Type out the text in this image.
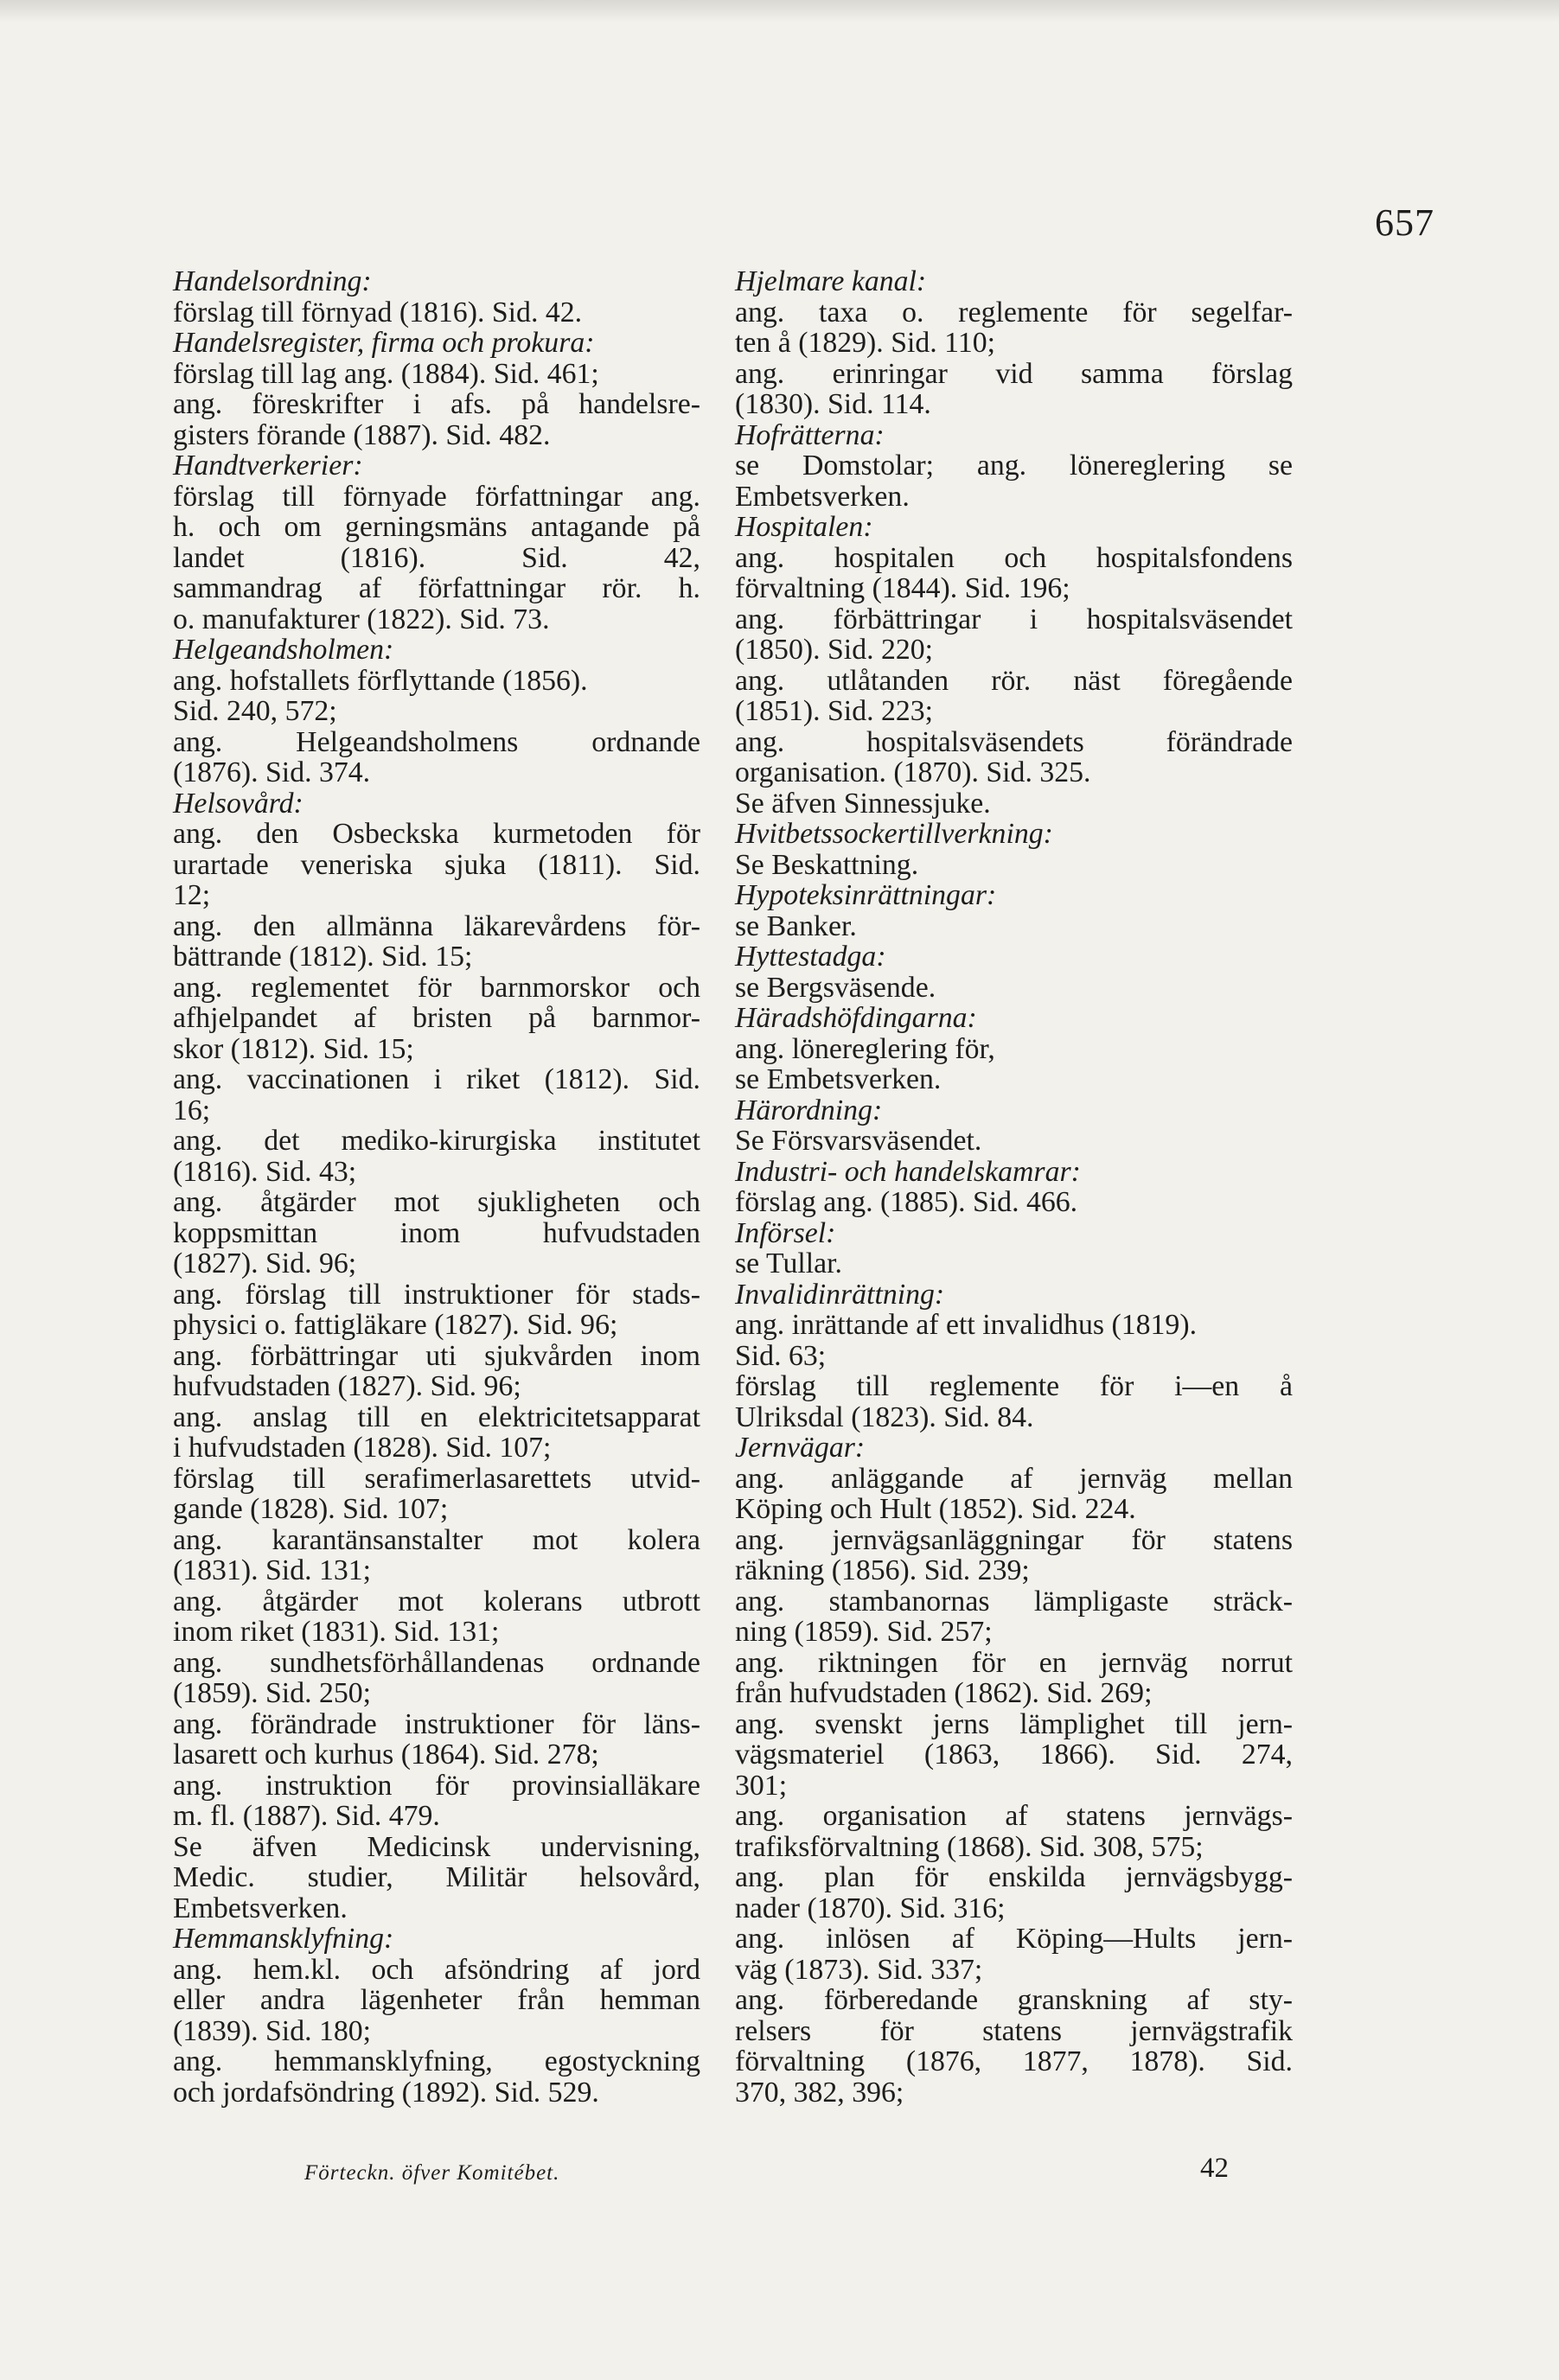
657
Handelsordning:
förslag till förnyad (1816). Sid. 42.
Handelsregister, firma och prokura:
förslag till lag ang. (1884). Sid. 461;
ang. föreskrifter i afs. på handelsre-
gisters förande (1887). Sid. 482.
Handtverkerier:
förslag till förnyade författningar ang.
h. och om gerningsmäns antagande på
landet (1816). Sid. 42,
sammandrag af författningar rör. h.
o. manufakturer (1822). Sid. 73.
Helgeandsholmen:
ang. hofstallets förflyttande (1856).
Sid. 240, 572;
ang. Helgeandsholmens ordnande
(1876). Sid. 374.
Helsovård:
ang. den Osbeckska kurmetoden för
urartade veneriska sjuka (1811). Sid.
12;
ang. den allmänna läkarevårdens för-
bättrande (1812). Sid. 15;
ang. reglementet för barnmorskor och
afhjelpandet af bristen på barnmor-
skor (1812). Sid. 15;
ang. vaccinationen i riket (1812). Sid.
16;
ang. det mediko-kirurgiska institutet
(1816). Sid. 43;
ang. åtgärder mot sjukligheten och
koppsmittan inom hufvudstaden
(1827). Sid. 96;
ang. förslag till instruktioner för stads-
physici o. fattigläkare (1827). Sid. 96;
ang. förbättringar uti sjukvården inom
hufvudstaden (1827). Sid. 96;
ang. anslag till en elektricitetsapparat
i hufvudstaden (1828). Sid. 107;
förslag till serafimerlasarettets utvid-
gande (1828). Sid. 107;
ang. karantänsanstalter mot kolera
(1831). Sid. 131;
ang. åtgärder mot kolerans utbrott
inom riket (1831). Sid. 131;
ang. sundhetsförhållandenas ordnande
(1859). Sid. 250;
ang. förändrade instruktioner för läns-
lasarett och kurhus (1864). Sid. 278;
ang. instruktion för provinsialläkare
m. fl. (1887). Sid. 479.
Se äfven Medicinsk undervisning,
Medic. studier, Militär helsovård,
Embetsverken.
Hemmansklyfning:
ang. hem.kl. och afsöndring af jord
eller andra lägenheter från hemman
(1839). Sid. 180;
ang. hemmansklyfning, egostyckning
och jordafsöndring (1892). Sid. 529.
Hjelmare kanal:
ang. taxa o. reglemente för segelfar-
ten å (1829). Sid. 110;
ang. erinringar vid samma förslag
(1830). Sid. 114.
Hofrätterna:
se Domstolar; ang. lönereglering se
Embetsverken.
Hospitalen:
ang. hospitalen och hospitalsfondens
förvaltning (1844). Sid. 196;
ang. förbättringar i hospitalsväsendet
(1850). Sid. 220;
ang. utlåtanden rör. näst föregående
(1851). Sid. 223;
ang. hospitalsväsendets förändrade
organisation. (1870). Sid. 325.
Se äfven Sinnessjuke.
Hvitbetssockertillverkning:
Se Beskattning.
Hypoteksinrättningar:
se Banker.
Hyttestadga:
se Bergsväsende.
Häradshöfdingarna:
ang. lönereglering för,
se Embetsverken.
Härordning:
Se Försvarsväsendet.
Industri- och handelskamrar:
förslag ang. (1885). Sid. 466.
Införsel:
se Tullar.
Invalidinrättning:
ang. inrättande af ett invalidhus (1819).
Sid. 63;
förslag till reglemente för i—en å
Ulriksdal (1823). Sid. 84.
Jernvägar:
ang. anläggande af jernväg mellan
Köping och Hult (1852). Sid. 224.
ang. jernvägsanläggningar för statens
räkning (1856). Sid. 239;
ang. stambanornas lämpligaste sträck-
ning (1859). Sid. 257;
ang. riktningen för en jernväg norrut
från hufvudstaden (1862). Sid. 269;
ang. svenskt jerns lämplighet till jern-
vägsmateriel (1863, 1866). Sid. 274,
301;
ang. organisation af statens jernvägs-
trafiksförvaltning (1868). Sid. 308, 575;
ang. plan för enskilda jernvägsbygg-
nader (1870). Sid. 316;
ang. inlösen af Köping—Hults jern-
väg (1873). Sid. 337;
ang. förberedande granskning af sty-
relsers för statens jernvägstrafik
förvaltning (1876, 1877, 1878). Sid.
370, 382, 396;
Förteckn. öfver Komitébet.	42
